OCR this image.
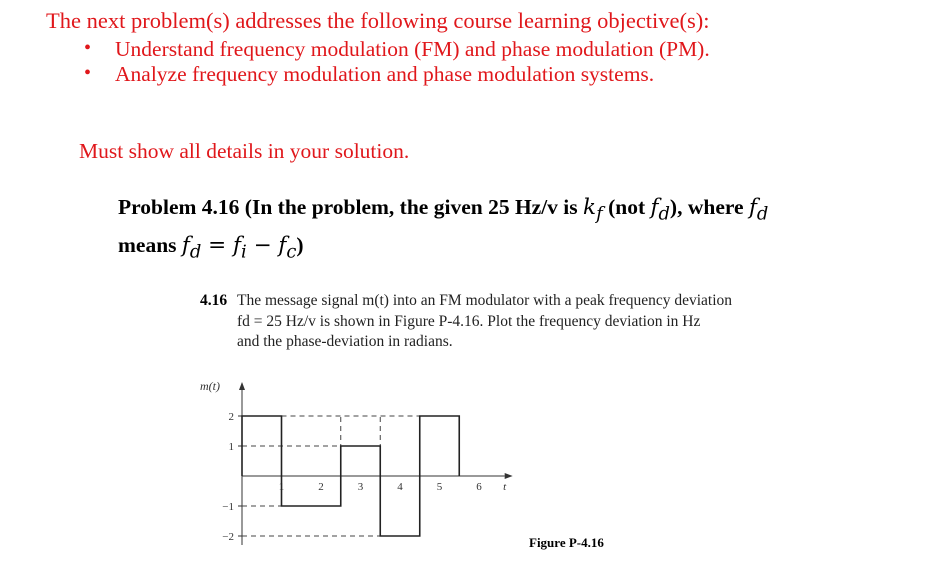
The next problem(s) addresses the following course learning objective(s):
• Understand frequency modulation (FM) and phase modulation (PM).
• Analyze frequency modulation and phase modulation systems.
Must show all details in your solution.
Problem 4.16 (In the problem, the given 25 Hz/v is $k_f$ (not $f_d$), where $f_d$
means $f_d = f_i - f_c$)
4.16 The message signal m(t) into an FM modulator with a peak frequency deviation
fd = 25 Hz/v is shown in Figure P-4.16. Plot the frequency deviation in Hz
and the phase-deviation in radians.
2
1
−1
−2
1	2	3	4	5	6 t
m(t)
Figure P-4.16
